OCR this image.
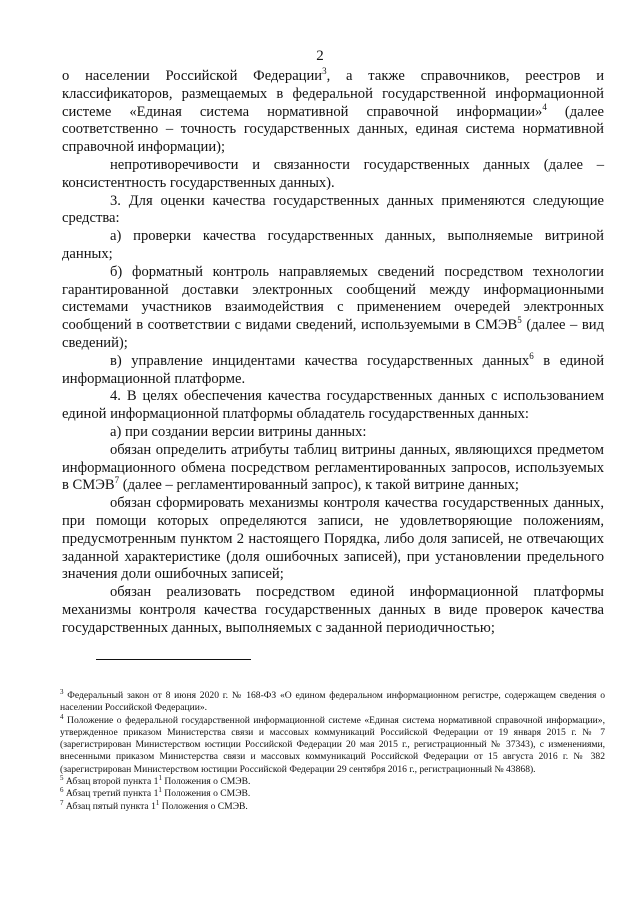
2

о населении Российской Федерации$^3$, а также справочников, реестров и классификаторов, размещаемых в федеральной государственной информационной системе «Единая система нормативной справочной информации»$^4$ (далее соответственно – точность государственных данных, единая система нормативной справочной информации);

непротиворечивости и связанности государственных данных (далее – консистентность государственных данных).

3. Для оценки качества государственных данных применяются следующие средства:

а) проверки качества государственных данных, выполняемые витриной данных;

б) форматный контроль направляемых сведений посредством технологии гарантированной доставки электронных сообщений между информационными системами участников взаимодействия с применением очередей электронных сообщений в соответствии с видами сведений, используемыми в СМЭВ$^5$ (далее – вид сведений);

в) управление инцидентами качества государственных данных$^6$ в единой информационной платформе.

4. В целях обеспечения качества государственных данных с использованием единой информационной платформы обладатель государственных данных:

а) при создании версии витрины данных:

обязан определить атрибуты таблиц витрины данных, являющихся предметом информационного обмена посредством регламентированных запросов, используемых в СМЭВ$^7$ (далее – регламентированный запрос), к такой витрине данных;

обязан сформировать механизмы контроля качества государственных данных, при помощи которых определяются записи, не удовлетворяющие положениям, предусмотренным пунктом 2 настоящего Порядка, либо доля записей, не отвечающих заданной характеристике (доля ошибочных записей), при установлении предельного значения доли ошибочных записей;

обязан реализовать посредством единой информационной платформы механизмы контроля качества государственных данных в виде проверок качества государственных данных, выполняемых с заданной периодичностью;

$^3$ Федеральный закон от 8 июня 2020 г. № 168-ФЗ «О едином федеральном информационном регистре, содержащем сведения о населении Российской Федерации».

$^4$ Положение о федеральной государственной информационной системе «Единая система нормативной справочной информации», утвержденное приказом Министерства связи и массовых коммуникаций Российской Федерации от 19 января 2015 г. № 7 (зарегистрирован Министерством юстиции Российской Федерации 20 мая 2015 г., регистрационный № 37343), с изменениями, внесенными приказом Министерства связи и массовых коммуникаций Российской Федерации от 15 августа 2016 г. № 382 (зарегистрирован Министерством юстиции Российской Федерации 29 сентября 2016 г., регистрационный № 43868).

$^5$ Абзац второй пункта $1^1$ Положения о СМЭВ.

$^6$ Абзац третий пункта $1^1$ Положения о СМЭВ.

$^7$ Абзац пятый пункта $1^1$ Положения о СМЭВ.
